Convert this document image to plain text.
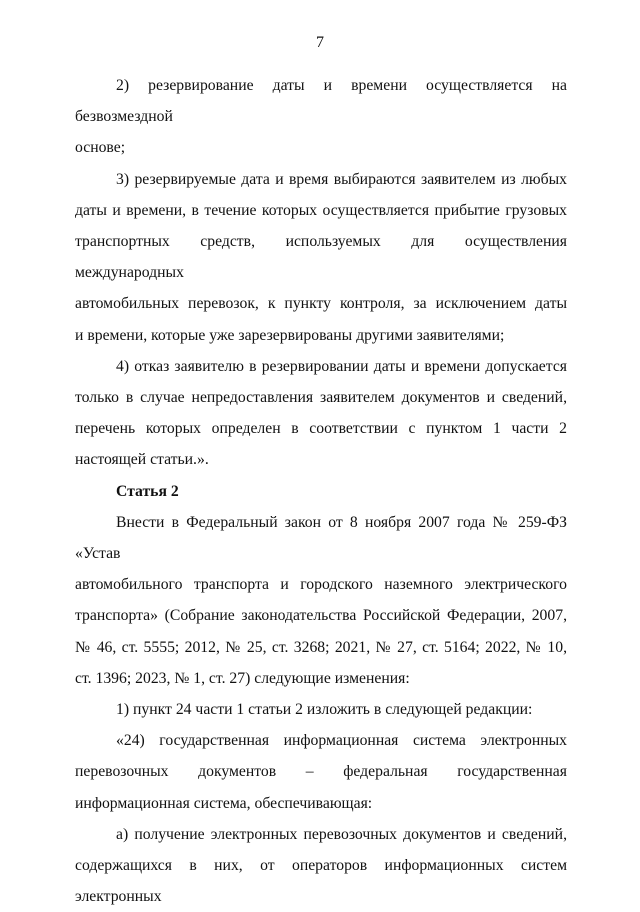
7

2) резервирование даты и времени осуществляется на безвозмездной
основе;

3) резервируемые дата и время выбираются заявителем из любых
даты и времени, в течение которых осуществляется прибытие грузовых
транспортных средств, используемых для осуществления международных
автомобильных перевозок, к пункту контроля, за исключением даты
и времени, которые уже зарезервированы другими заявителями;

4) отказ заявителю в резервировании даты и времени допускается
только в случае непредоставления заявителем документов и сведений,
перечень которых определен в соответствии с пунктом 1 части 2
настоящей статьи.».

Статья 2

Внести в Федеральный закон от 8 ноября 2007 года № 259-ФЗ «Устав
автомобильного транспорта и городского наземного электрического
транспорта» (Собрание законодательства Российской Федерации, 2007,
№ 46, ст. 5555; 2012, № 25, ст. 3268; 2021, № 27, ст. 5164; 2022, № 10,
ст. 1396; 2023, № 1, ст. 27) следующие изменения:

1) пункт 24 части 1 статьи 2 изложить в следующей редакции:

«24) государственная информационная система электронных
перевозочных документов – федеральная государственная
информационная система, обеспечивающая:

а) получение электронных перевозочных документов и сведений,
содержащихся в них, от операторов информационных систем электронных
